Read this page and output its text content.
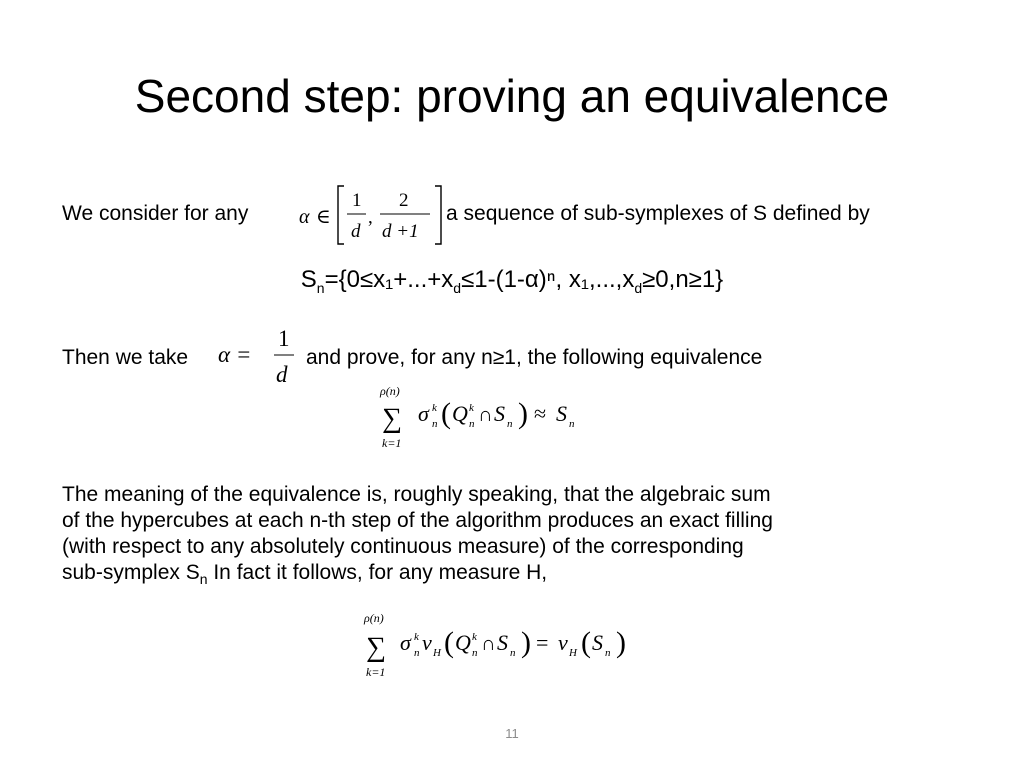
Second step: proving an equivalence
We consider for any	α ∈
1
d
,
2
d +1
a sequence of sub-symplexes of S defined by
$S_n=\{0\le x_1+...+x_d\le 1-(1-\alpha)^n$, $x_1,...,x_d\ge 0,n\ge 1$}
Then we take α =
1
d
and prove, for any n≥1, the following equivalence
ρ(n)
∑
k=1
σ k
n ( Q k
n ∩ S n ) ≈ S n
The meaning of the equivalence is, roughly speaking, that the algebraic sum
of the hypercubes at each n-th step of the algorithm produces an exact filling
(with respect to any absolutely continuous measure) of the corresponding
sub-symplex $S_n$ In fact it follows, for any measure H,
ρ(n)
∑
k=1
σ k
n v H ( Q k
n ∩ S n ) = v H ( S n )
11
